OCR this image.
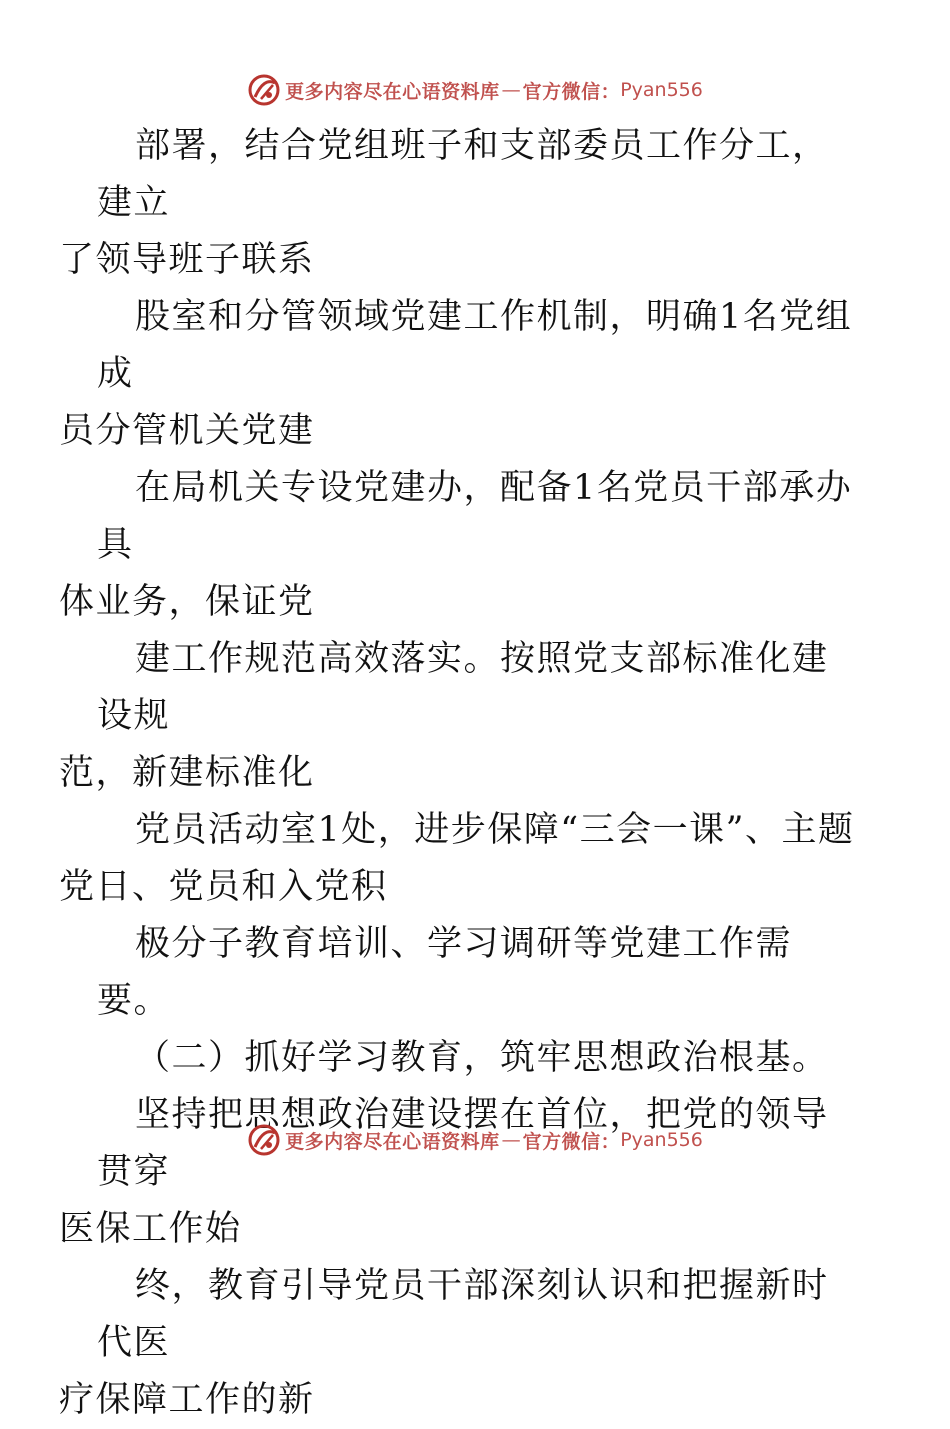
更多内容尽在心语资料库 — 官方微信： Pyan556

部署，结合党组班子和支部委员工作分工，建立
了领导班子联系

股室和分管领域党建工作机制，明确1名党组成
员分管机关党建

在局机关专设党建办，配备1名党员干部承办具
体业务，保证党

建工作规范高效落实。按照党支部标准化建设规
范，新建标准化

党员活动室1处，进步保障“三会一课”、主题
党日、党员和入党积

极分子教育培训、学习调研等党建工作需要。

（二）抓好学习教育，筑牢思想政治根基。

坚持把思想政治建设摆在首位，把党的领导贯穿
医保工作始

终，教育引导党员干部深刻认识和把握新时代医
疗保障工作的新

更多内容尽在心语资料库 — 官方微信： Pyan556
